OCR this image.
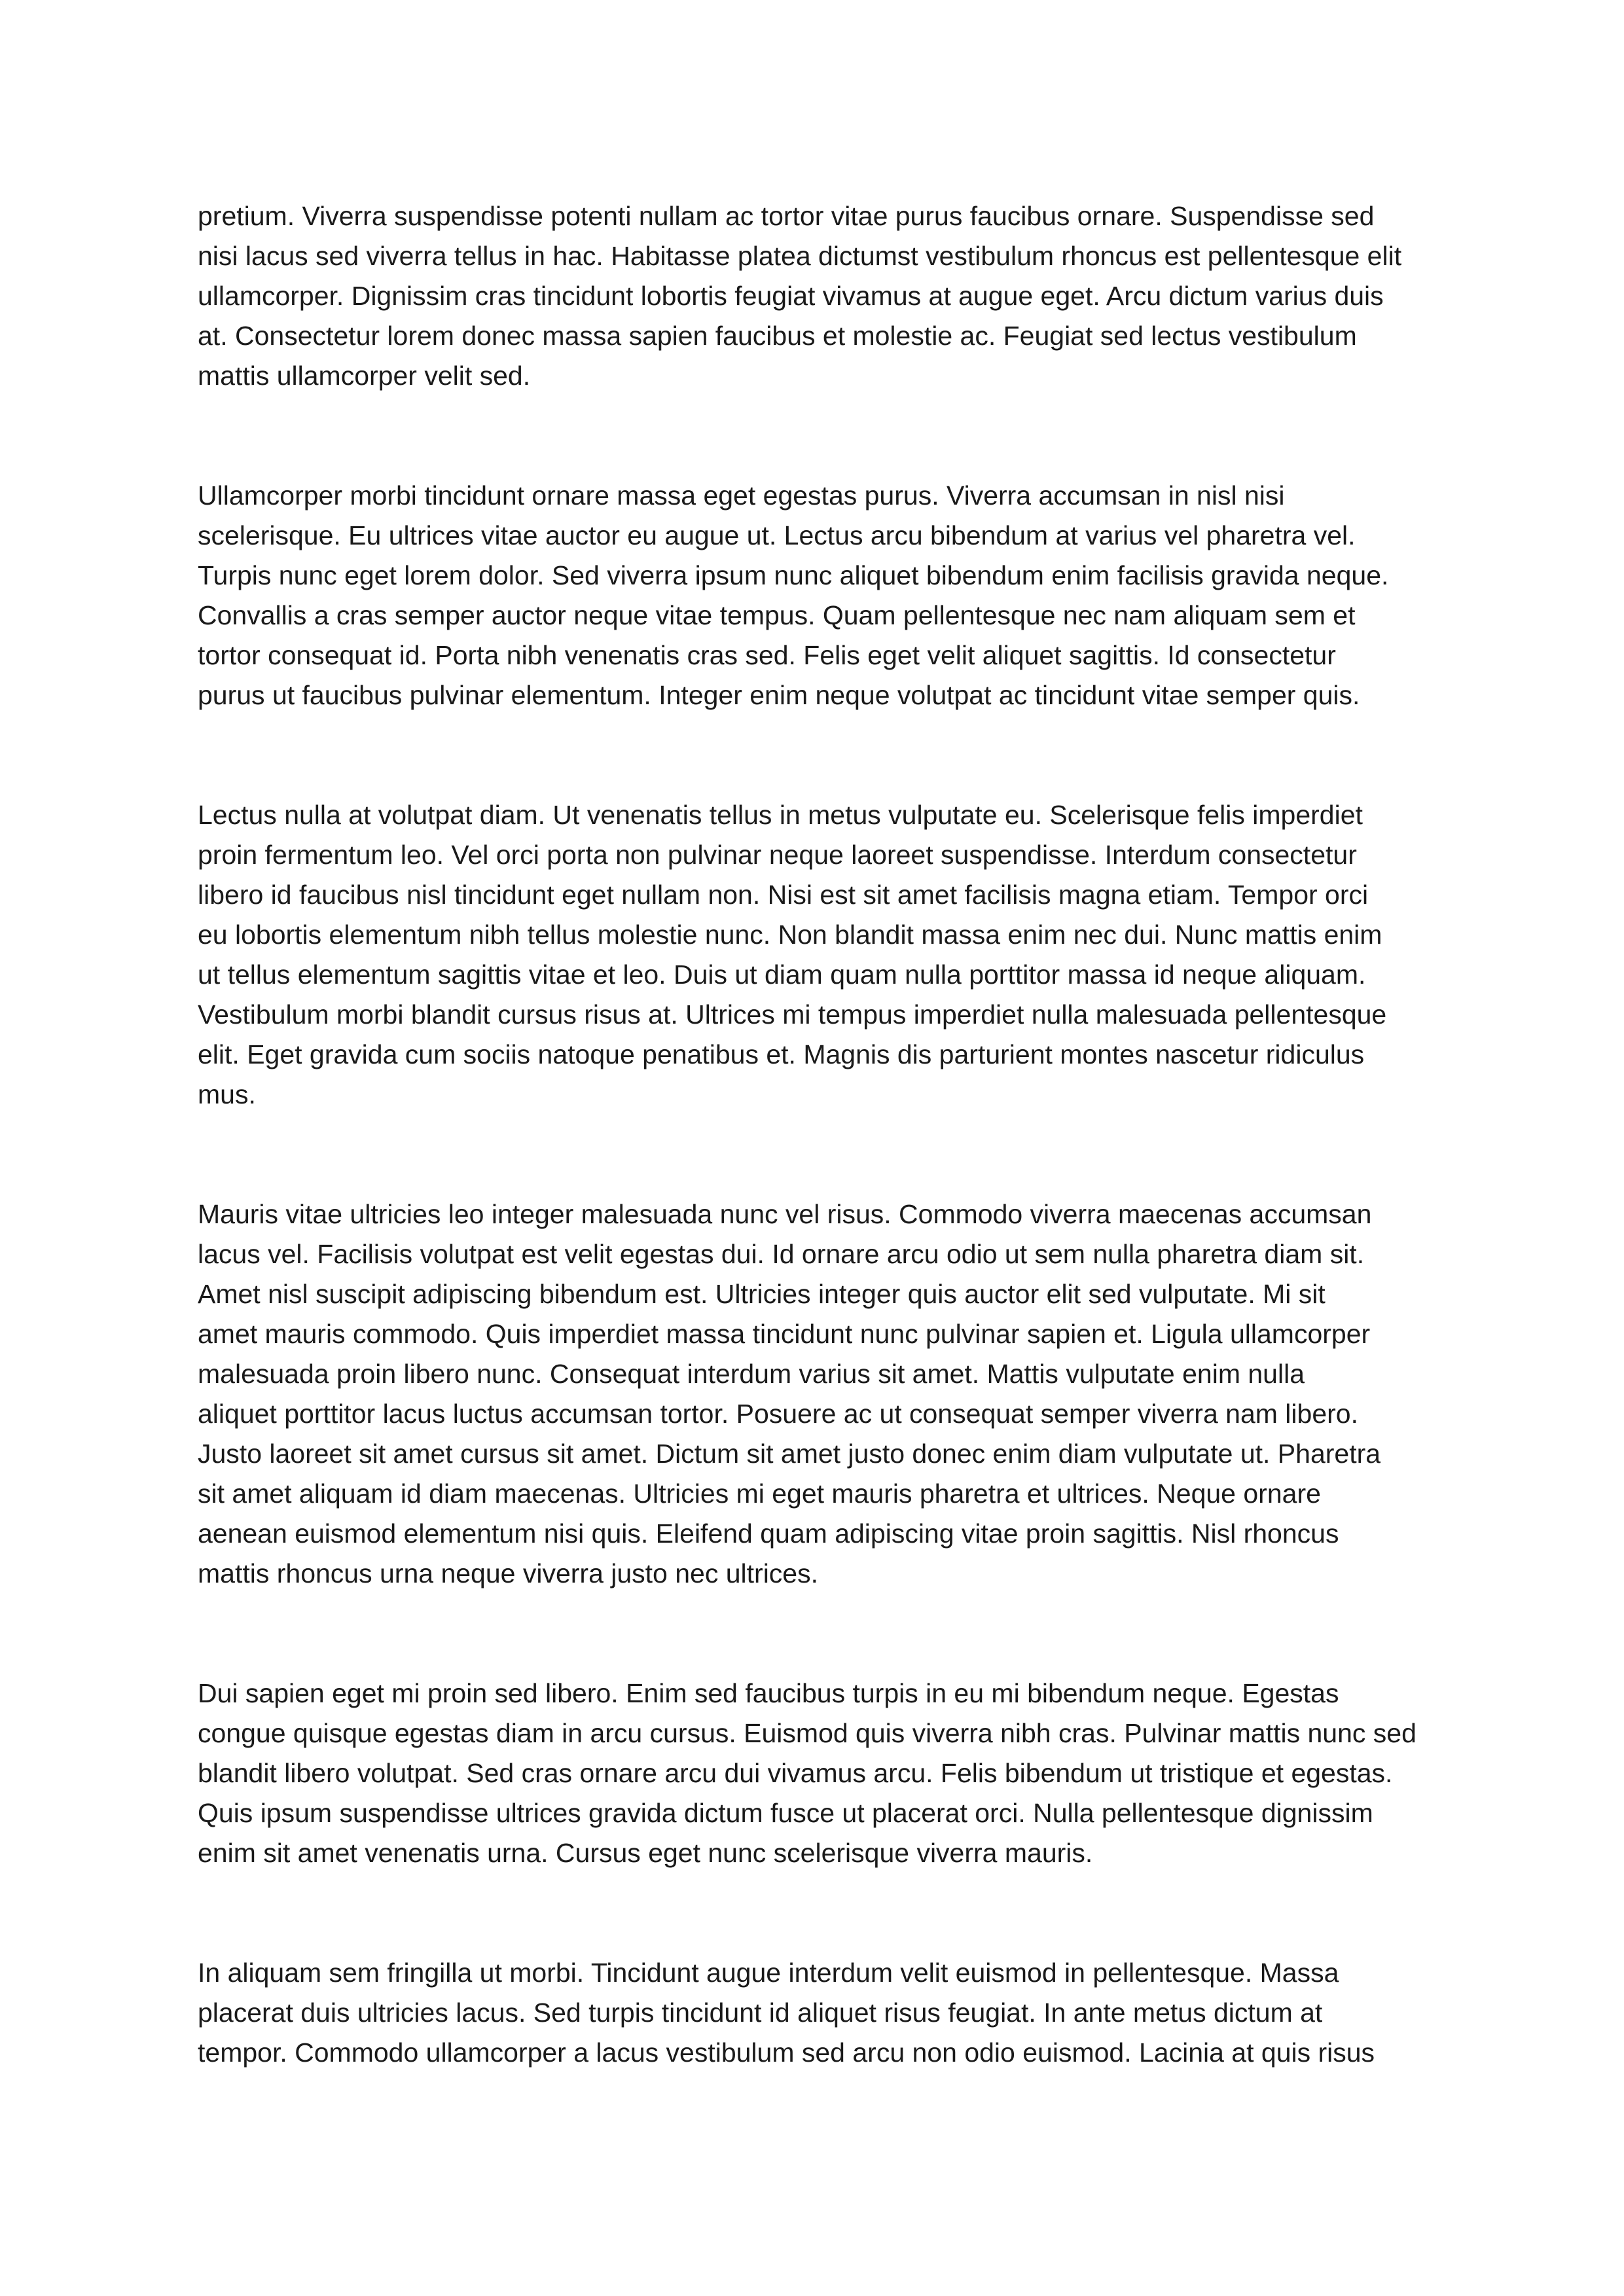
pretium. Viverra suspendisse potenti nullam ac tortor vitae purus faucibus ornare. Suspendisse sed
nisi lacus sed viverra tellus in hac. Habitasse platea dictumst vestibulum rhoncus est pellentesque elit
ullamcorper. Dignissim cras tincidunt lobortis feugiat vivamus at augue eget. Arcu dictum varius duis
at. Consectetur lorem donec massa sapien faucibus et molestie ac. Feugiat sed lectus vestibulum
mattis ullamcorper velit sed.

Ullamcorper morbi tincidunt ornare massa eget egestas purus. Viverra accumsan in nisl nisi
scelerisque. Eu ultrices vitae auctor eu augue ut. Lectus arcu bibendum at varius vel pharetra vel.
Turpis nunc eget lorem dolor. Sed viverra ipsum nunc aliquet bibendum enim facilisis gravida neque.
Convallis a cras semper auctor neque vitae tempus. Quam pellentesque nec nam aliquam sem et
tortor consequat id. Porta nibh venenatis cras sed. Felis eget velit aliquet sagittis. Id consectetur
purus ut faucibus pulvinar elementum. Integer enim neque volutpat ac tincidunt vitae semper quis.

Lectus nulla at volutpat diam. Ut venenatis tellus in metus vulputate eu. Scelerisque felis imperdiet
proin fermentum leo. Vel orci porta non pulvinar neque laoreet suspendisse. Interdum consectetur
libero id faucibus nisl tincidunt eget nullam non. Nisi est sit amet facilisis magna etiam. Tempor orci
eu lobortis elementum nibh tellus molestie nunc. Non blandit massa enim nec dui. Nunc mattis enim
ut tellus elementum sagittis vitae et leo. Duis ut diam quam nulla porttitor massa id neque aliquam.
Vestibulum morbi blandit cursus risus at. Ultrices mi tempus imperdiet nulla malesuada pellentesque
elit. Eget gravida cum sociis natoque penatibus et. Magnis dis parturient montes nascetur ridiculus
mus.

Mauris vitae ultricies leo integer malesuada nunc vel risus. Commodo viverra maecenas accumsan
lacus vel. Facilisis volutpat est velit egestas dui. Id ornare arcu odio ut sem nulla pharetra diam sit.
Amet nisl suscipit adipiscing bibendum est. Ultricies integer quis auctor elit sed vulputate. Mi sit
amet mauris commodo. Quis imperdiet massa tincidunt nunc pulvinar sapien et. Ligula ullamcorper
malesuada proin libero nunc. Consequat interdum varius sit amet. Mattis vulputate enim nulla
aliquet porttitor lacus luctus accumsan tortor. Posuere ac ut consequat semper viverra nam libero.
Justo laoreet sit amet cursus sit amet. Dictum sit amet justo donec enim diam vulputate ut. Pharetra
sit amet aliquam id diam maecenas. Ultricies mi eget mauris pharetra et ultrices. Neque ornare
aenean euismod elementum nisi quis. Eleifend quam adipiscing vitae proin sagittis. Nisl rhoncus
mattis rhoncus urna neque viverra justo nec ultrices.

Dui sapien eget mi proin sed libero. Enim sed faucibus turpis in eu mi bibendum neque. Egestas
congue quisque egestas diam in arcu cursus. Euismod quis viverra nibh cras. Pulvinar mattis nunc sed
blandit libero volutpat. Sed cras ornare arcu dui vivamus arcu. Felis bibendum ut tristique et egestas.
Quis ipsum suspendisse ultrices gravida dictum fusce ut placerat orci. Nulla pellentesque dignissim
enim sit amet venenatis urna. Cursus eget nunc scelerisque viverra mauris.

In aliquam sem fringilla ut morbi. Tincidunt augue interdum velit euismod in pellentesque. Massa
placerat duis ultricies lacus. Sed turpis tincidunt id aliquet risus feugiat. In ante metus dictum at
tempor. Commodo ullamcorper a lacus vestibulum sed arcu non odio euismod. Lacinia at quis risus
